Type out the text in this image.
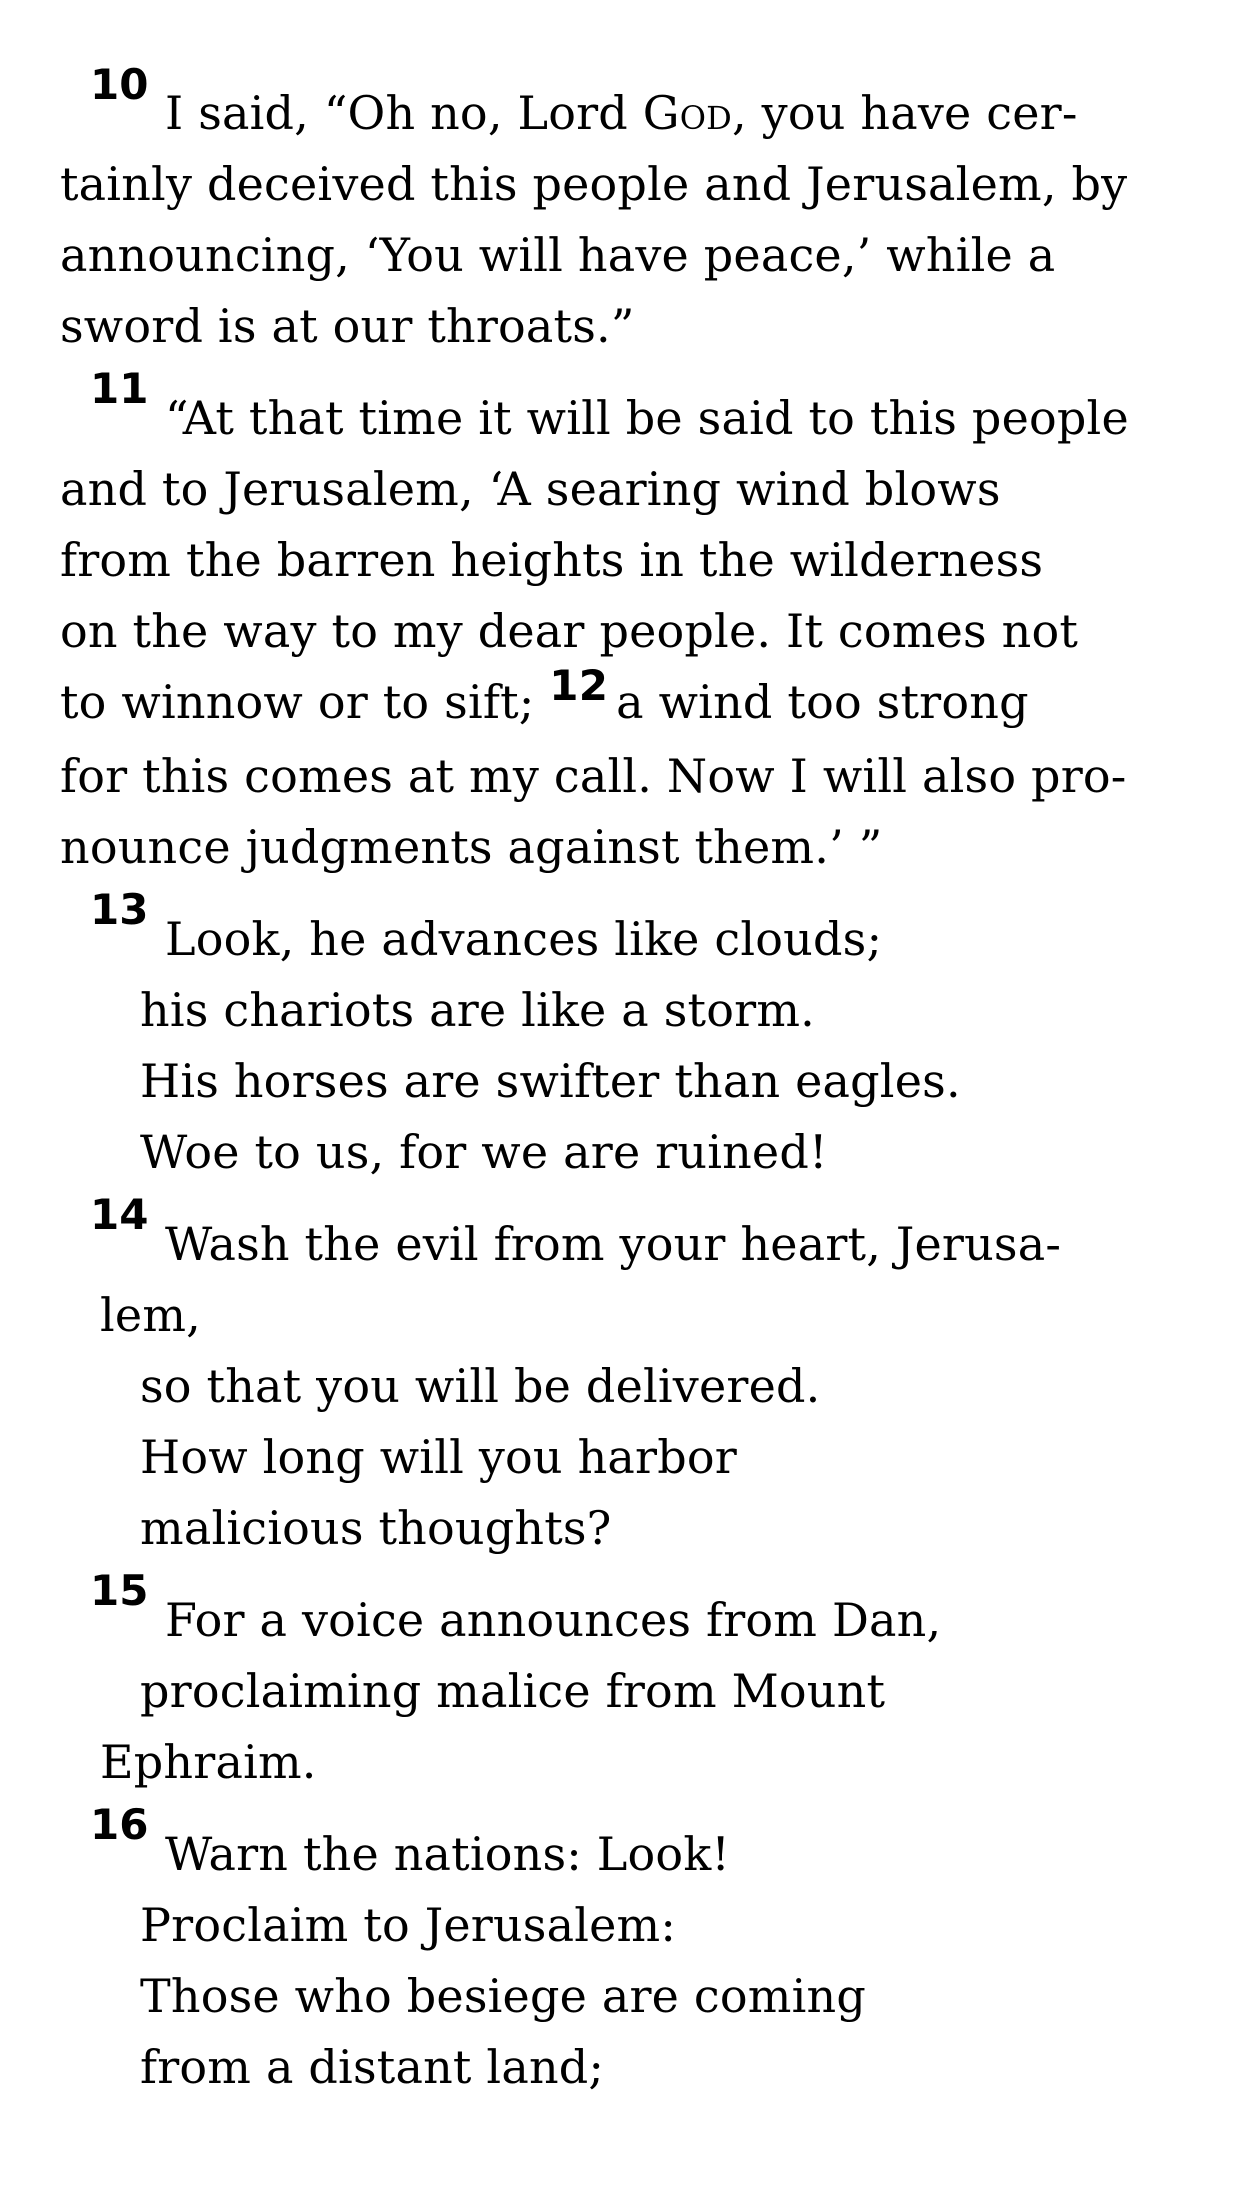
10
I said, “Oh no, Lord God, you have cer-
tainly deceived this people and Jerusalem, by
announcing, ‘You will have peace,’ while a
sword is at our throats.”
11
“At that time it will be said to this people
and to Jerusalem, ‘A searing wind blows
from the barren heights in the wilderness
on the way to my dear people. It comes not
to winnow or to sift; 12 a wind too strong
for this comes at my call. Now I will also pro-
nounce judgments against them.’ ”
13
Look, he advances like clouds;
his chariots are like a storm.
His horses are swifter than eagles.
Woe to us, for we are ruined!
14
Wash the evil from your heart, Jerusa-
lem,
so that you will be delivered.
How long will you harbor
malicious thoughts?
15
For a voice announces from Dan,
proclaiming malice from Mount
Ephraim.
16
Warn the nations: Look!
Proclaim to Jerusalem:
Those who besiege are coming
from a distant land;
